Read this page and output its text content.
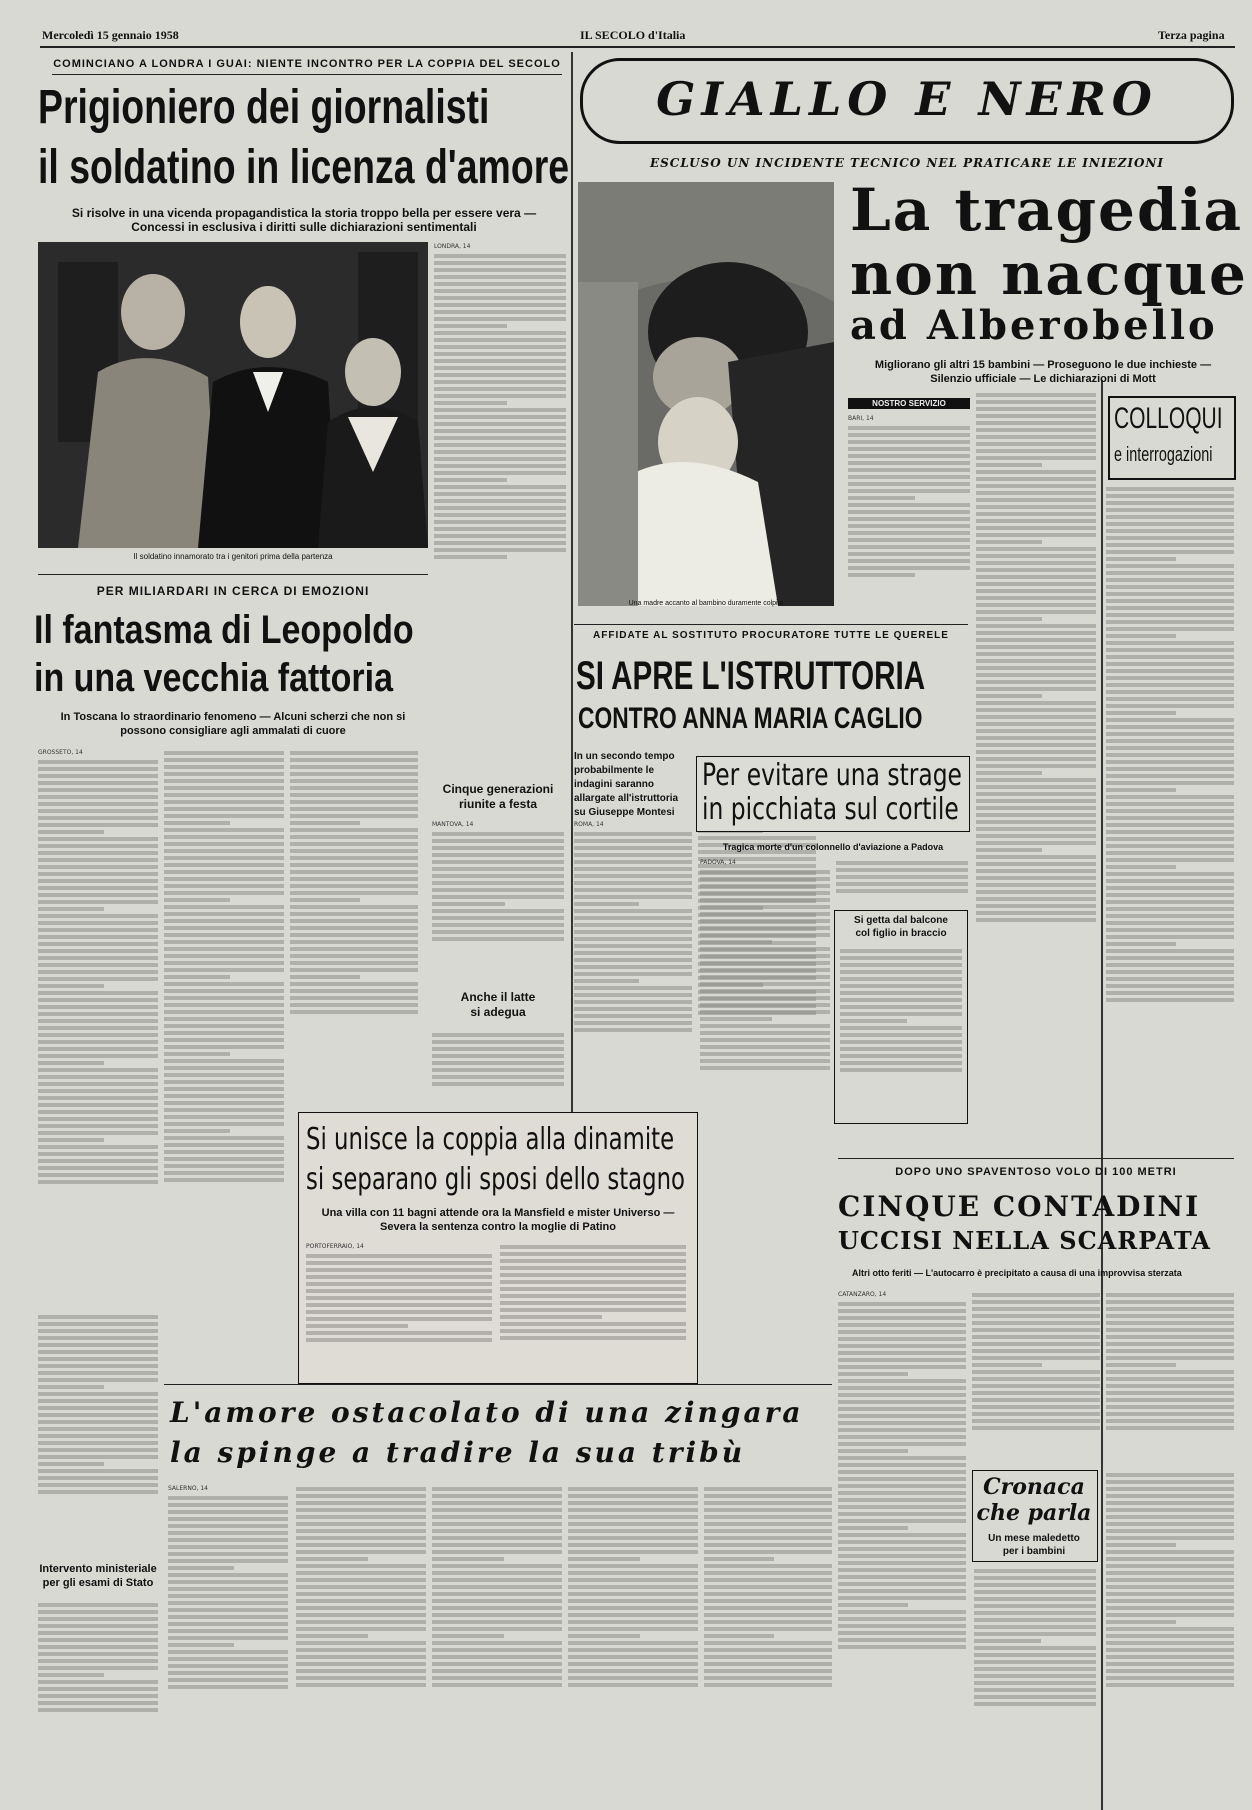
Mercoledì 15 gennaio 1958	IL SECOLO d'Italia	Terza pagina
COMINCIANO A LONDRA I GUAI: NIENTE INCONTRO PER LA COPPIA DEL SECOLO
Prigioniero dei giornalisti
il soldatino in licenza d'amore
Si risolve in una vicenda propagandistica la storia troppo bella per essere vera — Concessi in esclusiva i diritti sulle dichiarazioni sentimentali
Il soldatino innamorato tra i genitori prima della partenza
LONDRA, 14
PER MILIARDARI IN CERCA DI EMOZIONI
Il fantasma di Leopoldo
in una vecchia fattoria
In Toscana lo straordinario fenomeno — Alcuni scherzi che non si possono consigliare agli ammalati di cuore
GROSSETO, 14
Cinque generazioni
riunite a festa
MANTOVA, 14
Anche il latte
si adegua
Intervento ministeriale
per gli esami di Stato
GIALLO E NERO
ESCLUSO UN INCIDENTE TECNICO NEL PRATICARE LE INIEZIONI
Una madre accanto al bambino duramente colpito
La tragedia
non nacque
ad Alberobello
Migliorano gli altri 15 bambini — Proseguono le due inchieste — Silenzio ufficiale — Le dichiarazioni di Mott
NOSTRO SERVIZIO
BARI, 14	COLLOQUI
e interrogazioni
AFFIDATE AL SOSTITUTO PROCURATORE TUTTE LE QUERELE
SI APRE L'ISTRUTTORIA
CONTRO ANNA MARIA CAGLIO
In un secondo tempo probabilmente le indagini saranno allargate all'istruttoria su Giuseppe Montesi
ROMA, 14
Per evitare una strage
in picchiata sul cortile
Tragica morte d'un colonnello d'aviazione a Padova
PADOVA, 14
Si getta dal balcone
col figlio in braccio
Si unisce la coppia alla dinamite
si separano gli sposi dello stagno
Una villa con 11 bagni attende ora la Mansfield e mister Universo — Severa la sentenza contro la moglie di Patino
PORTOFERRAIO, 14
DOPO UNO SPAVENTOSO VOLO DI 100 METRI
CINQUE CONTADINI
UCCISI NELLA SCARPATA
Altri otto feriti — L'autocarro è precipitato a causa di una improvvisa sterzata
CATANZARO, 14
Cronaca
che parla
Un mese maledetto
per i bambini
L'amore ostacolato di una zingara
la spinge a tradire la sua tribù
SALERNO, 14
